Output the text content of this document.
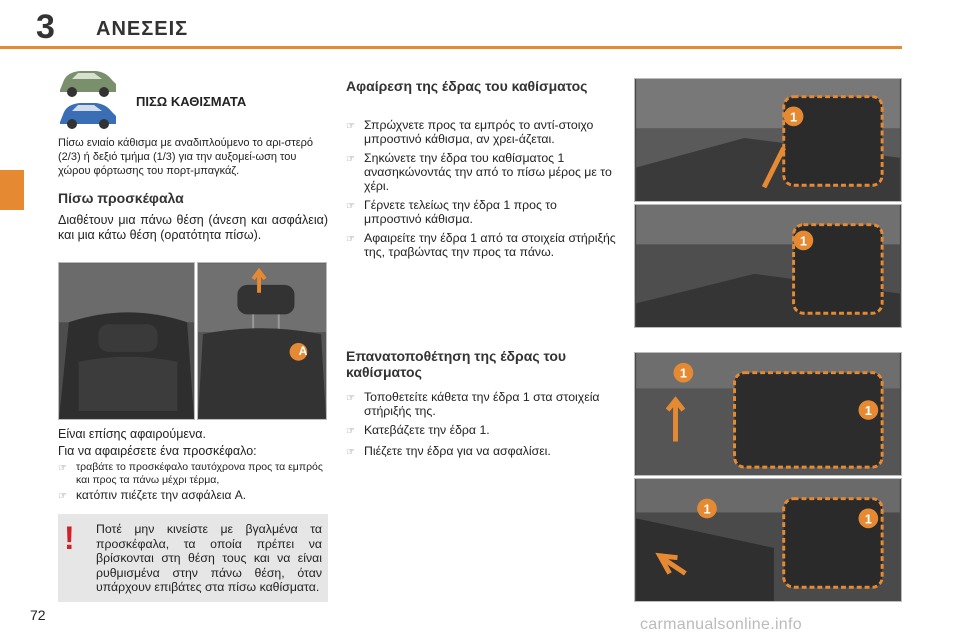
3 ΑΝΕΣΕΙΣ
ΠΙΣΩ ΚΑΘΙΣΜΑΤΑ
Πίσω ενιαίο κάθισμα με αναδιπλούμενο το αρι-στερό (2/3) ή δεξιό τμήμα (1/3) για την αυξομεί-ωση του χώρου φόρτωσης του πορτ-μπαγκάζ.
Πίσω προσκέφαλα
Διαθέτουν μια πάνω θέση (άνεση και ασφάλεια) και μια κάτω θέση (ορατότητα πίσω).
A
Είναι επίσης αφαιρούμενα.
Για να αφαιρέσετε ένα προσκέφαλο:
☞ τραβάτε το προσκέφαλο ταυτόχρονα προς τα εμπρός και προς τα πάνω μέχρι τέρμα,
☞ κατόπιν πιέζετε την ασφάλεια A.
! Ποτέ μην κινείστε με βγαλμένα τα προσκέφαλα, τα οποία πρέπει να βρίσκονται στη θέση τους και να είναι ρυθμισμένα στην πάνω θέση, όταν υπάρχουν επιβάτες στα πίσω καθίσματα.
Αφαίρεση της έδρας του καθίσματος
☞ Σπρώχνετε προς τα εμπρός το αντί-στοιχο μπροστινό κάθισμα, αν χρει-άζεται.
☞ Σηκώνετε την έδρα του καθίσματος 1 ανασηκώνοντάς την από το πίσω μέρος με το χέρι.
☞ Γέρνετε τελείως την έδρα 1 προς το μπροστινό κάθισμα.
☞ Αφαιρείτε την έδρα 1 από τα στοιχεία στήριξής της, τραβώντας την προς τα πάνω.
Επανατοποθέτηση της έδρας του καθίσματος
☞ Τοποθετείτε κάθετα την έδρα 1 στα στοιχεία στήριξής της.
☞ Κατεβάζετε την έδρα 1.
☞ Πιέζετε την έδρα για να ασφαλίσει.
1
1
1
1
1
1
72
carmanualsonline.info
